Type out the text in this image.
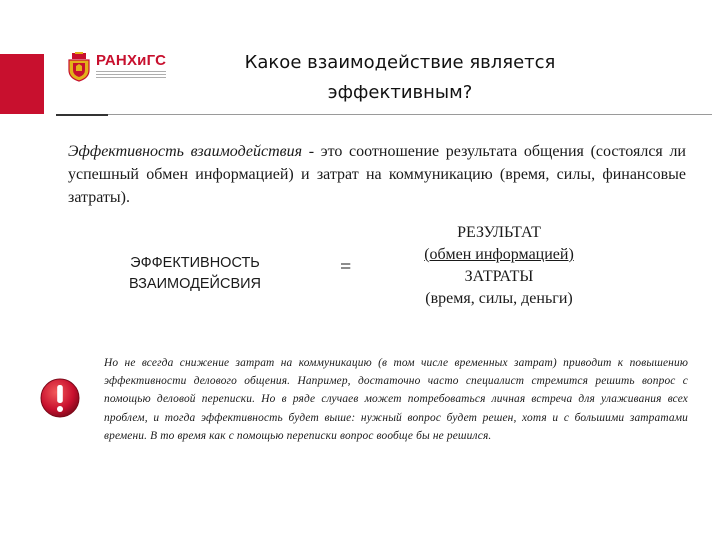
РАНХиГС	Какое взаимодействие является
эффективным?
Эффективность взаимодействия - это соотношение результата общения (состоялся ли успешный обмен информацией) и затрат на коммуникацию (время, силы, финансовые затраты).
ЭФФЕКТИВНОСТЬ
ВЗАИМОДЕЙСВИЯ
=
РЕЗУЛЬТАТ
(обмен информацией)
ЗАТРАТЫ
(время, силы, деньги)
Но не всегда снижение затрат на коммуникацию (в том числе временных затрат) приводит к повышению эффективности делового общения. Например, достаточно часто специалист стремится решить вопрос с помощью деловой переписки. Но в ряде случаев может потребоваться личная встреча для улаживания всех проблем, и тогда эффективность будет выше: нужный вопрос будет решен, хотя и с большими затратами времени. В то время как с помощью переписки вопрос вообще бы не решился.
